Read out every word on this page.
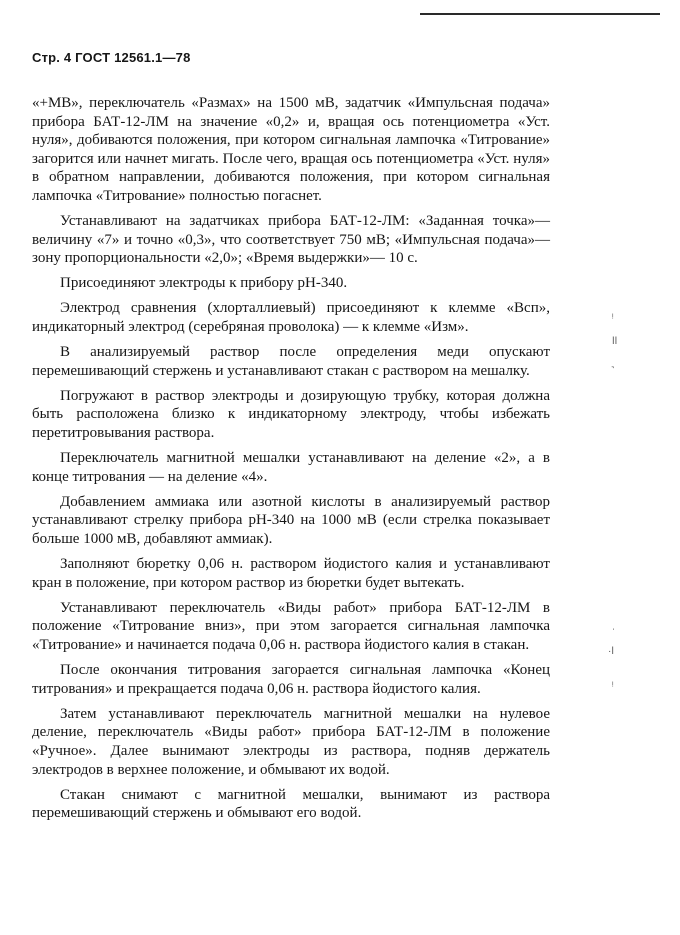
Стр. 4 ГОСТ 12561.1—78

«+МВ», переключатель «Размах» на 1500 мВ, задатчик «Импульсная подача» прибора БАТ-12-ЛМ на значение «0,2» и, вращая ось потенциометра «Уст. нуля», добиваются положения, при котором сигнальная лампочка «Титрование» загорится или начнет мигать. После чего, вращая ось потенциометра «Уст. нуля» в обратном направлении, добиваются положения, при котором сигнальная лампочка «Титрование» полностью погаснет.

Устанавливают на задатчиках прибора БАТ-12-ЛМ: «Заданная точка»— величину «7» и точно «0,3», что соответствует 750 мВ; «Импульсная подача»— зону пропорциональности «2,0»; «Время выдержки»— 10 с.

Присоединяют электроды к прибору pH-340.

Электрод сравнения (хлорталлиевый) присоединяют к клемме «Всп», индикаторный электрод (серебряная проволока) — к клемме «Изм».

В анализируемый раствор после определения меди опускают перемешивающий стержень и устанавливают стакан с раствором на мешалку.

Погружают в раствор электроды и дозирующую трубку, которая должна быть расположена близко к индикаторному электроду, чтобы избежать перетитровывания раствора.

Переключатель магнитной мешалки устанавливают на деление «2», а в конце титрования — на деление «4».

Добавлением аммиака или азотной кислоты в анализируемый раствор устанавливают стрелку прибора pH-340 на 1000 мВ (если стрелка показывает больше 1000 мВ, добавляют аммиак).

Заполняют бюретку 0,06 н. раствором йодистого калия и устанавливают кран в положение, при котором раствор из бюретки будет вытекать.

Устанавливают переключатель «Виды работ» прибора БАТ-12-ЛМ в положение «Титрование вниз», при этом загорается сигнальная лампочка «Титрование» и начинается подача 0,06 н. раствора йодистого калия в стакан.

После окончания титрования загорается сигнальная лампочка «Конец титрования» и прекращается подача 0,06 н. раствора йодистого калия.

Затем устанавливают переключатель магнитной мешалки на нулевое деление, переключатель «Виды работ» прибора БАТ-12-ЛМ в положение «Ручное». Далее вынимают электроды из раствора, подняв держатель электродов в верхнее положение, и обмывают их водой.

Стакан снимают с магнитной мешалки, вынимают из раствора перемешивающий стержень и обмывают его водой.

ᵎ
ǀǀ
˺
ˌ
·ǀ
ᵎ
